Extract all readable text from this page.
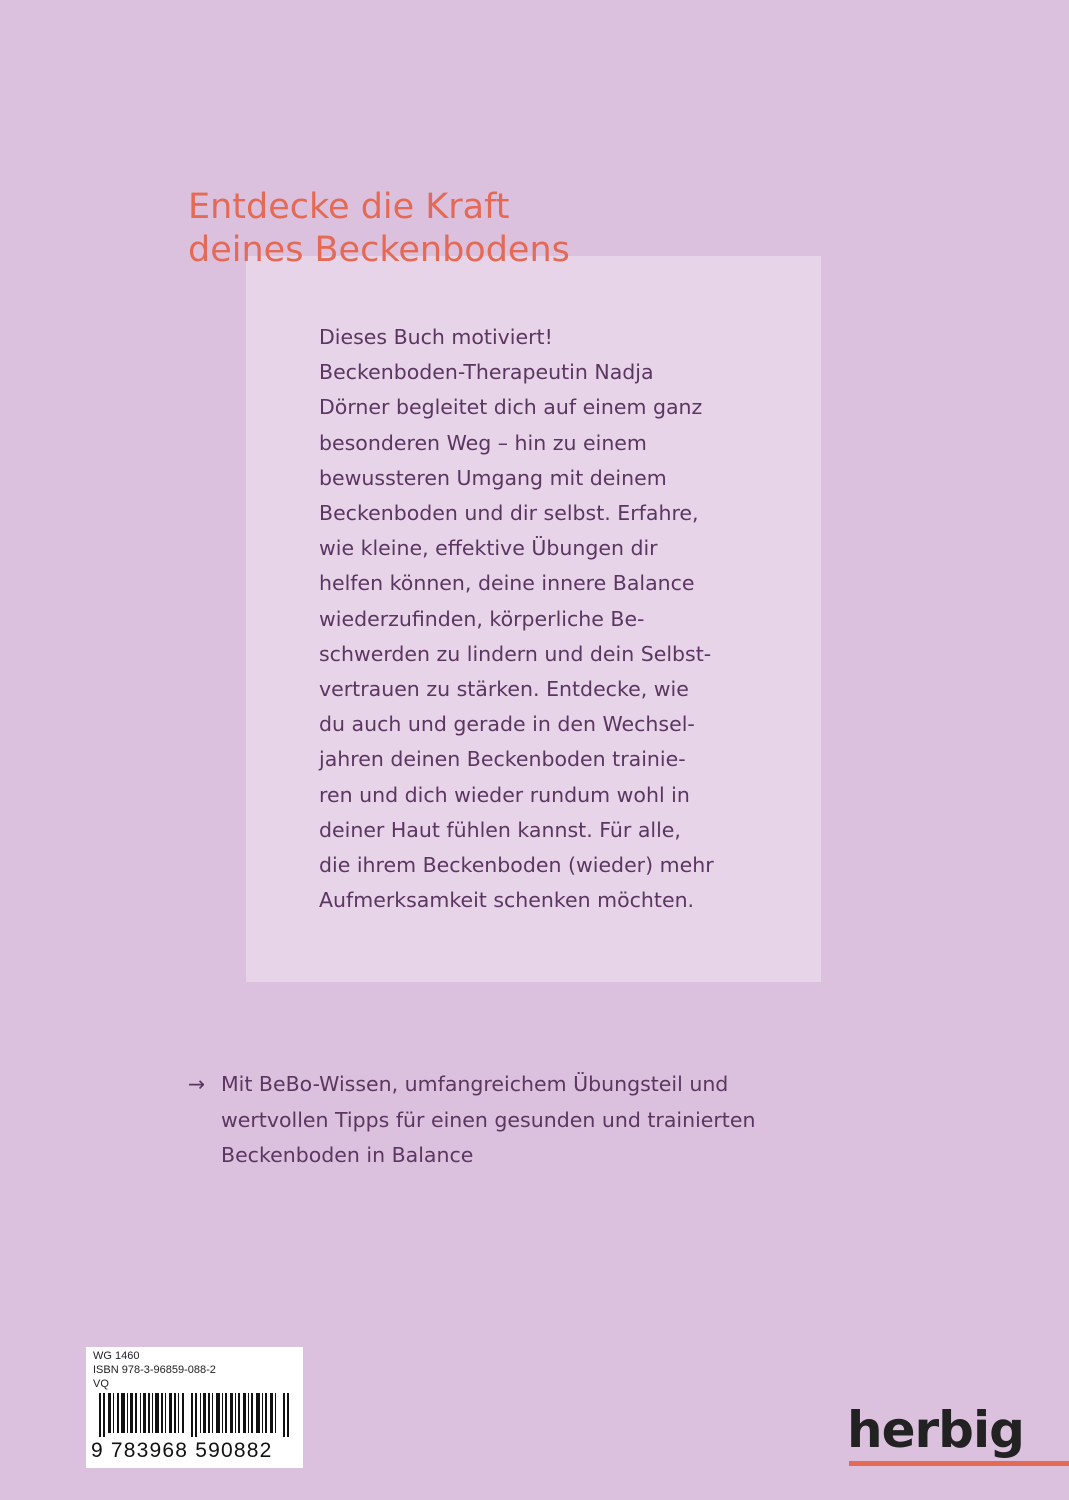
Entdecke die Kraft
deines Beckenbodens
Dieses Buch motiviert!
Beckenboden-Therapeutin Nadja
Dörner begleitet dich auf einem ganz
besonderen Weg – hin zu einem
bewussteren Umgang mit deinem
Beckenboden und dir selbst. Erfahre,
wie kleine, effektive Übungen dir
helfen können, deine innere Balance
wiederzufinden, körperliche Be-
schwerden zu lindern und dein Selbst-
vertrauen zu stärken. Entdecke, wie
du auch und gerade in den Wechsel-
jahren deinen Beckenboden trainie-
ren und dich wieder rundum wohl in
deiner Haut fühlen kannst. Für alle,
die ihrem Beckenboden (wieder) mehr
Aufmerksamkeit schenken möchten.
→ Mit BeBo-Wissen, umfangreichem Übungsteil und
wertvollen Tipps für einen gesunden und trainierten
Beckenboden in Balance
WG 1460
ISBN 978-3-96859-088-2
VQ
9 783968 590882	herbig
